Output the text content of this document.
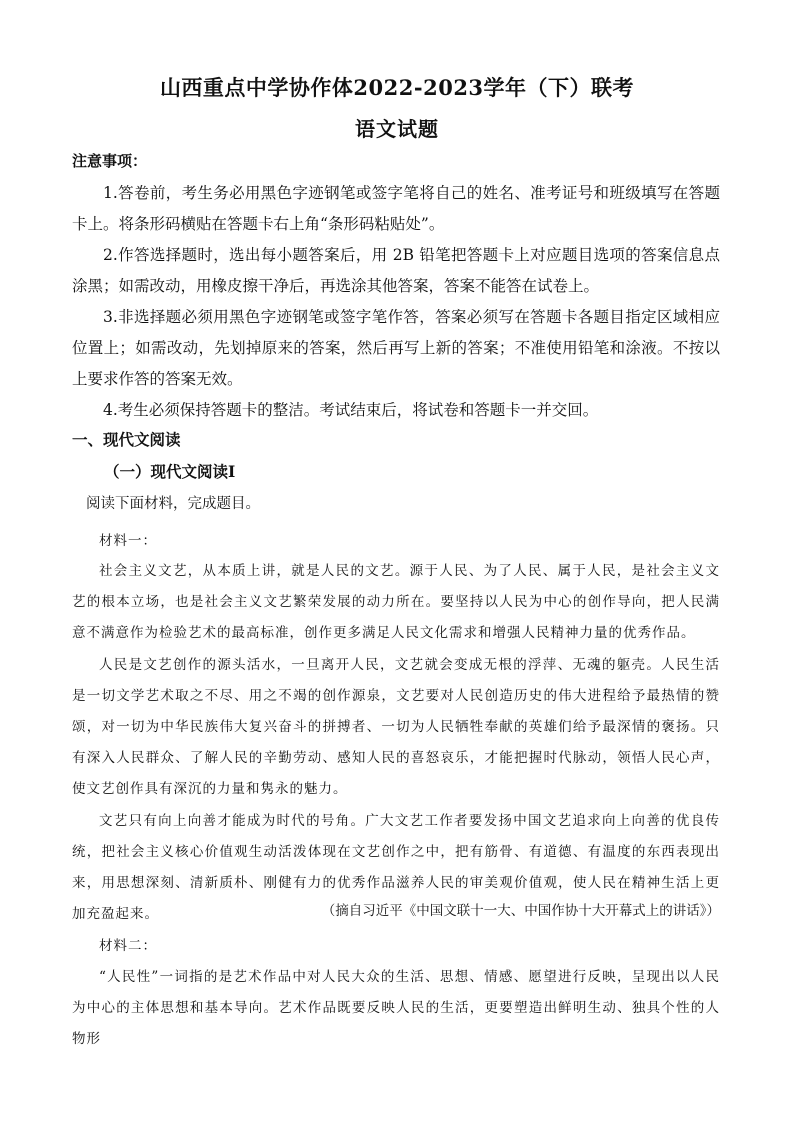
山西重点中学协作体2022-2023学年（下）联考
语文试题
注意事项：

1.答卷前，考生务必用黑色字迹钢笔或签字笔将自己的姓名、准考证号和班级填写在答题卡上。将条形码横贴在答题卡右上角“条形码粘贴处”。

2.作答选择题时，选出每小题答案后，用 2B 铅笔把答题卡上对应题目选项的答案信息点涂黑；如需改动，用橡皮擦干净后，再选涂其他答案，答案不能答在试卷上。

3.非选择题必须用黑色字迹钢笔或签字笔作答，答案必须写在答题卡各题目指定区域相应位置上；如需改动，先划掉原来的答案，然后再写上新的答案；不准使用铅笔和涂液。不按以上要求作答的答案无效。

4.考生必须保持答题卡的整洁。考试结束后，将试卷和答题卡一并交回。

一、现代文阅读
（一）现代文阅读Ⅰ
阅读下面材料，完成题目。

材料一：

社会主义文艺，从本质上讲，就是人民的文艺。源于人民、为了人民、属于人民，是社会主义文艺的根本立场，也是社会主义文艺繁荣发展的动力所在。要坚持以人民为中心的创作导向，把人民满意不满意作为检验艺术的最高标准，创作更多满足人民文化需求和增强人民精神力量的优秀作品。

人民是文艺创作的源头活水，一旦离开人民，文艺就会变成无根的浮萍、无魂的躯壳。人民生活是一切文学艺术取之不尽、用之不竭的创作源泉，文艺要对人民创造历史的伟大进程给予最热情的赞颂，对一切为中华民族伟大复兴奋斗的拼搏者、一切为人民牺牲奉献的英雄们给予最深情的褒扬。只有深入人民群众、了解人民的辛勤劳动、感知人民的喜怒哀乐，才能把握时代脉动，领悟人民心声，使文艺创作具有深沉的力量和隽永的魅力。

文艺只有向上向善才能成为时代的号角。广大文艺工作者要发扬中国文艺追求向上向善的优良传统，把社会主义核心价值观生动活泼体现在文艺创作之中，把有筋骨、有道德、有温度的东西表现出来，用思想深刻、清新质朴、刚健有力的优秀作品滋养人民的审美观价值观，使人民在精神生活上更加充盈起来。	（摘自习近平《中国文联十一大、中国作协十大开幕式上的讲话》）

材料二：

“人民性”一词指的是艺术作品中对人民大众的生活、思想、情感、愿望进行反映，呈现出以人民为中心的主体思想和基本导向。艺术作品既要反映人民的生活，更要塑造出鲜明生动、独具个性的人物形
